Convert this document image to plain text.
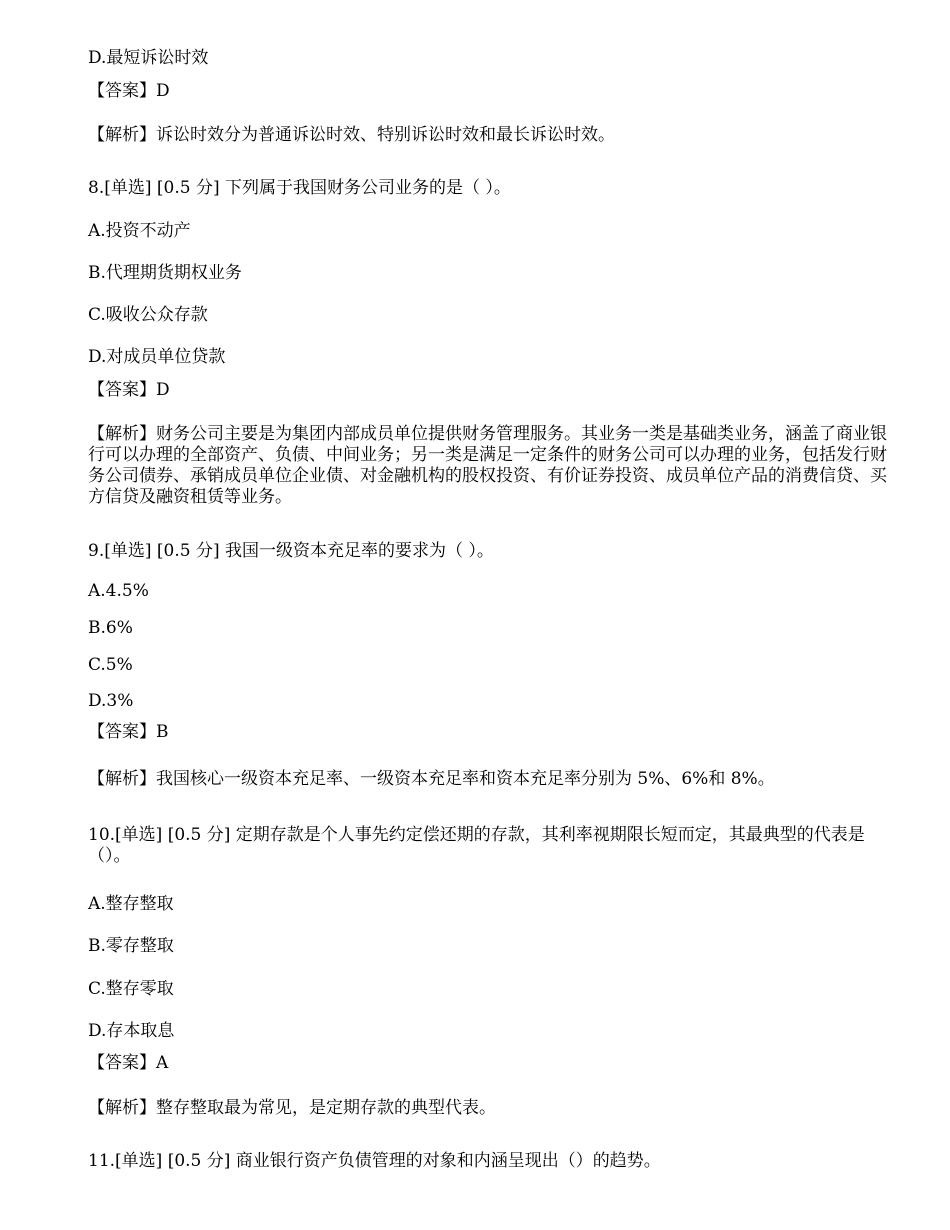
D.最短诉讼时效
【答案】D
【解析】诉讼时效分为普通诉讼时效、特别诉讼时效和最长诉讼时效。
8.[单选] [0.5 分] 下列属于我国财务公司业务的是（ ）。
A.投资不动产
B.代理期货期权业务
C.吸收公众存款
D.对成员单位贷款
【答案】D
【解析】财务公司主要是为集团内部成员单位提供财务管理服务。其业务一类是基础类业务，涵盖了商业银行可以办理的全部资产、负债、中间业务；另一类是满足一定条件的财务公司可以办理的业务，包括发行财务公司债券、承销成员单位企业债、对金融机构的股权投资、有价证券投资、成员单位产品的消费信贷、买方信贷及融资租赁等业务。
9.[单选] [0.5 分] 我国一级资本充足率的要求为（ ）。
A.4.5%
B.6%
C.5%
D.3%
【答案】B
【解析】我国核心一级资本充足率、一级资本充足率和资本充足率分别为 5%、6%和 8%。
10.[单选] [0.5 分] 定期存款是个人事先约定偿还期的存款，其利率视期限长短而定，其最典型的代表是（）。
A.整存整取
B.零存整取
C.整存零取
D.存本取息
【答案】A
【解析】整存整取最为常见，是定期存款的典型代表。
11.[单选] [0.5 分] 商业银行资产负债管理的对象和内涵呈现出（）的趋势。
